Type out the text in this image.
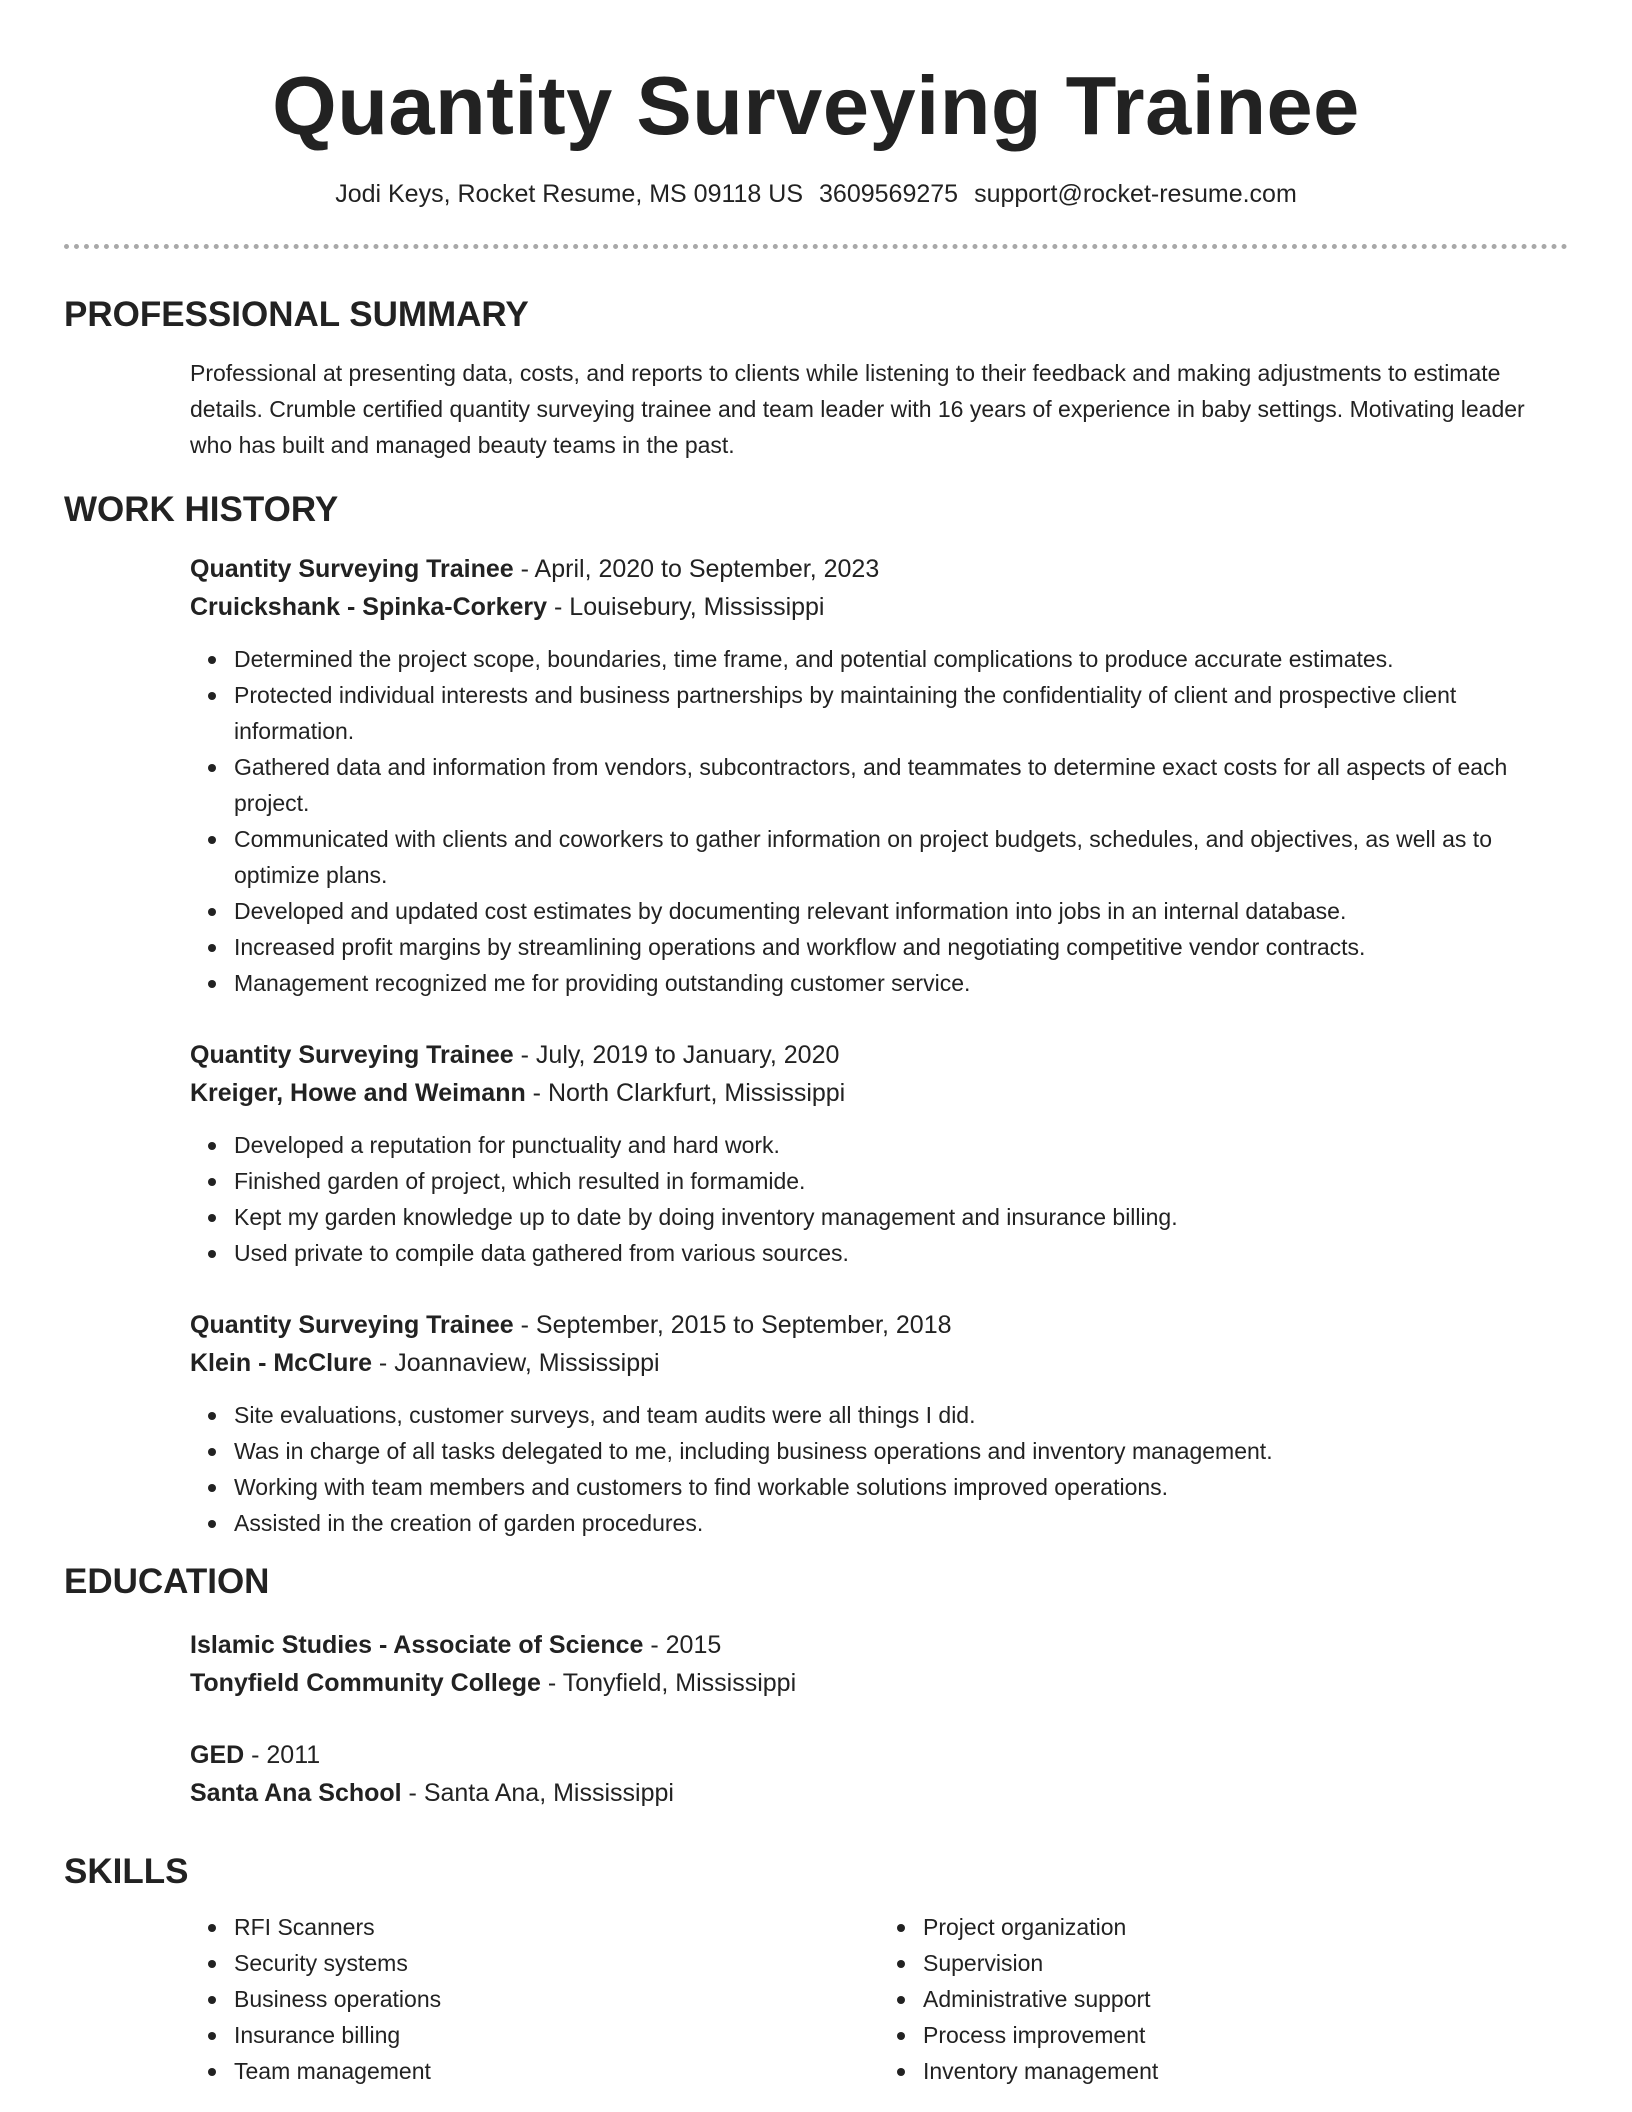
Quantity Surveying Trainee
Jodi Keys, Rocket Resume, MS 09118 US 3609569275 support@rocket-resume.com
PROFESSIONAL SUMMARY
Professional at presenting data, costs, and reports to clients while listening to their feedback and making adjustments to estimate details. Crumble certified quantity surveying trainee and team leader with 16 years of experience in baby settings. Motivating leader who has built and managed beauty teams in the past.
WORK HISTORY
Quantity Surveying Trainee - April, 2020 to September, 2023
Cruickshank - Spinka-Corkery - Louisebury, Mississippi
Determined the project scope, boundaries, time frame, and potential complications to produce accurate estimates.
Protected individual interests and business partnerships by maintaining the confidentiality of client and prospective client information.
Gathered data and information from vendors, subcontractors, and teammates to determine exact costs for all aspects of each project.
Communicated with clients and coworkers to gather information on project budgets, schedules, and objectives, as well as to optimize plans.
Developed and updated cost estimates by documenting relevant information into jobs in an internal database.
Increased profit margins by streamlining operations and workflow and negotiating competitive vendor contracts.
Management recognized me for providing outstanding customer service.
Quantity Surveying Trainee - July, 2019 to January, 2020
Kreiger, Howe and Weimann - North Clarkfurt, Mississippi
Developed a reputation for punctuality and hard work.
Finished garden of project, which resulted in formamide.
Kept my garden knowledge up to date by doing inventory management and insurance billing.
Used private to compile data gathered from various sources.
Quantity Surveying Trainee - September, 2015 to September, 2018
Klein - McClure - Joannaview, Mississippi
Site evaluations, customer surveys, and team audits were all things I did.
Was in charge of all tasks delegated to me, including business operations and inventory management.
Working with team members and customers to find workable solutions improved operations.
Assisted in the creation of garden procedures.
EDUCATION
Islamic Studies - Associate of Science - 2015
Tonyfield Community College - Tonyfield, Mississippi
GED - 2011
Santa Ana School - Santa Ana, Mississippi
SKILLS
RFI Scanners
Security systems
Business operations
Insurance billing
Team management
Project organization
Supervision
Administrative support
Process improvement
Inventory management
